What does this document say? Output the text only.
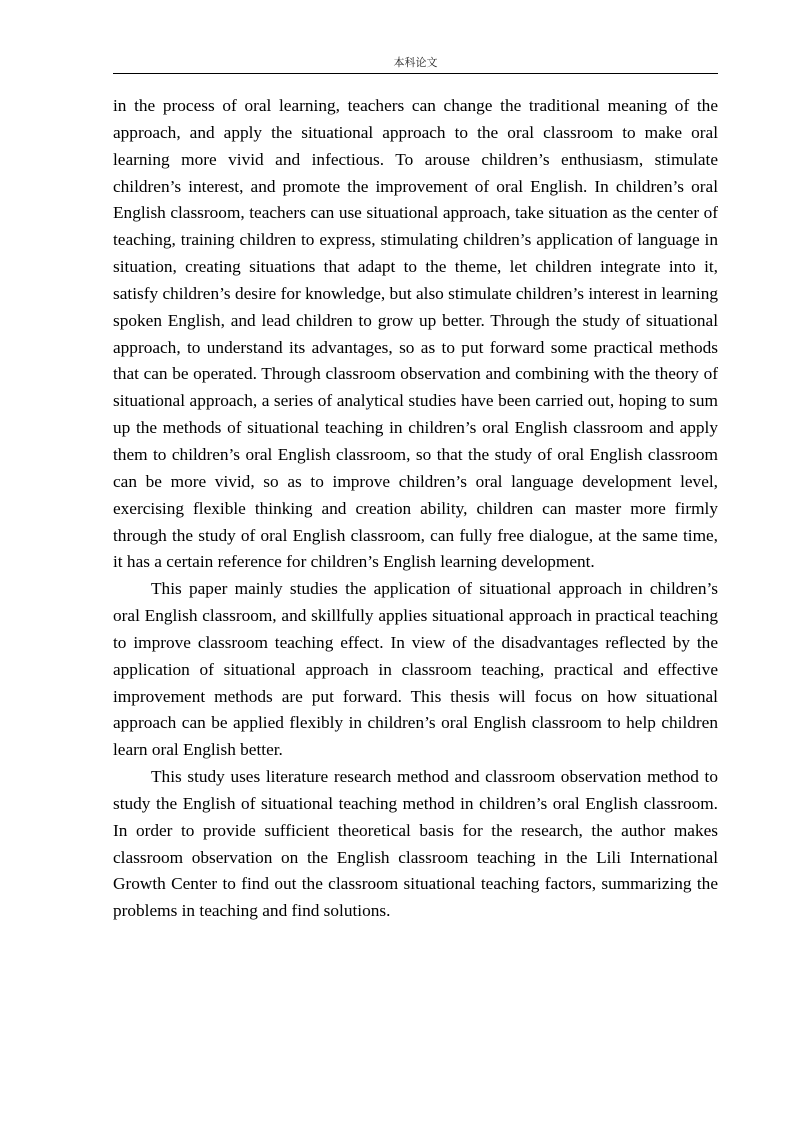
本科论文

in the process of oral learning, teachers can change the traditional meaning of the approach, and apply the situational approach to the oral classroom to make oral learning more vivid and infectious. To arouse children’s enthusiasm, stimulate children’s interest, and promote the improvement of oral English. In children’s oral English classroom, teachers can use situational approach, take situation as the center of teaching, training children to express, stimulating children’s application of language in situation, creating situations that adapt to the theme, let children integrate into it, satisfy children’s desire for knowledge, but also stimulate children’s interest in learning spoken English, and lead children to grow up better. Through the study of situational approach, to understand its advantages, so as to put forward some practical methods that can be operated. Through classroom observation and combining with the theory of situational approach, a series of analytical studies have been carried out, hoping to sum up the methods of situational teaching in children’s oral English classroom and apply them to children’s oral English classroom, so that the study of oral English classroom can be more vivid, so as to improve children’s oral language development level, exercising flexible thinking and creation ability, children can master more firmly through the study of oral English classroom, can fully free dialogue, at the same time, it has a certain reference for children’s English learning development.

This paper mainly studies the application of situational approach in children’s oral English classroom, and skillfully applies situational approach in practical teaching to improve classroom teaching effect. In view of the disadvantages reflected by the application of situational approach in classroom teaching, practical and effective improvement methods are put forward. This thesis will focus on how situational approach can be applied flexibly in children’s oral English classroom to help children learn oral English better.

This study uses literature research method and classroom observation method to study the English of situational teaching method in children’s oral English classroom. In order to provide sufficient theoretical basis for the research, the author makes classroom observation on the English classroom teaching in the Lili International Growth Center to find out the classroom situational teaching factors, summarizing the problems in teaching and find solutions.
